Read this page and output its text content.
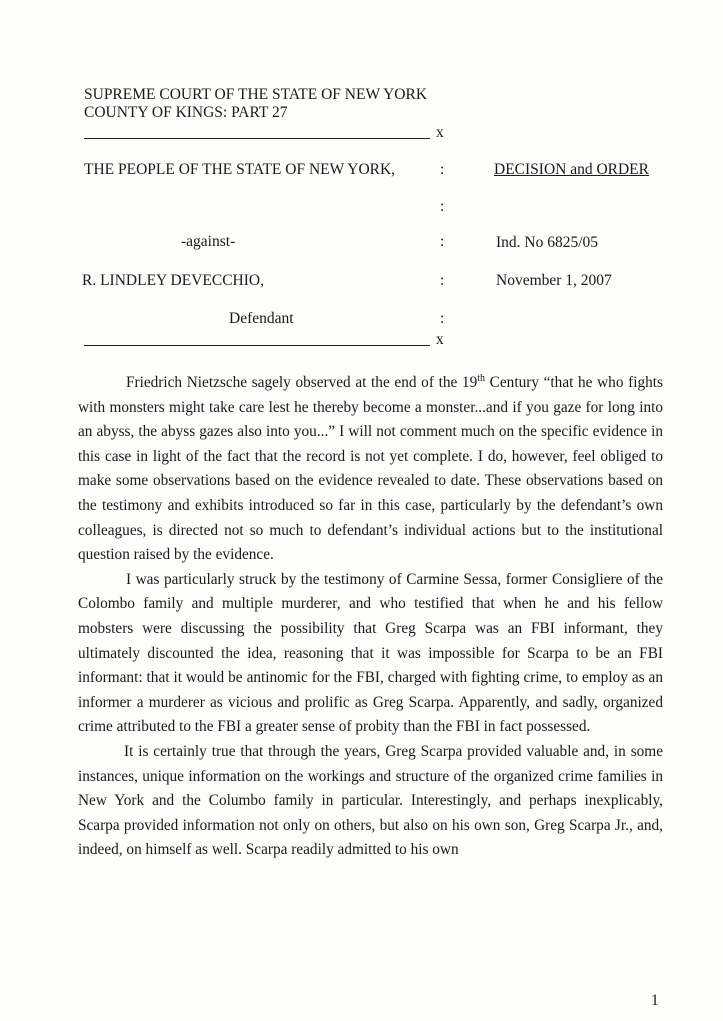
SUPREME COURT OF THE STATE OF NEW YORK
COUNTY OF KINGS: PART 27
x
THE PEOPLE OF THE STATE OF NEW YORK,	:	DECISION and ORDER
:
-against-	:	Ind. No 6825/05
R. LINDLEY DEVECCHIO,	:	November 1, 2007
Defendant	:
x

Friedrich Nietzsche sagely observed at the end of the 19th Century “that he who fights with monsters might take care lest he thereby become a monster...and if you gaze for long into an abyss, the abyss gazes also into you...” I will not comment much on the specific evidence in this case in light of the fact that the record is not yet complete. I do, however, feel obliged to make some observations based on the evidence revealed to date. These observations based on the testimony and exhibits introduced so far in this case, particularly by the defendant’s own colleagues, is directed not so much to defendant’s individual actions but to the institutional question raised by the evidence.

I was particularly struck by the testimony of Carmine Sessa, former Consigliere of the Colombo family and multiple murderer, and who testified that when he and his fellow mobsters were discussing the possibility that Greg Scarpa was an FBI informant, they ultimately discounted the idea, reasoning that it was impossible for Scarpa to be an FBI informant: that it would be antinomic for the FBI, charged with fighting crime, to employ as an informer a murderer as vicious and prolific as Greg Scarpa. Apparently, and sadly, organized crime attributed to the FBI a greater sense of probity than the FBI in fact possessed.

It is certainly true that through the years, Greg Scarpa provided valuable and, in some instances, unique information on the workings and structure of the organized crime families in New York and the Columbo family in particular. Interestingly, and perhaps inexplicably, Scarpa provided information not only on others, but also on his own son, Greg Scarpa Jr., and, indeed, on himself as well. Scarpa readily admitted to his own

1
